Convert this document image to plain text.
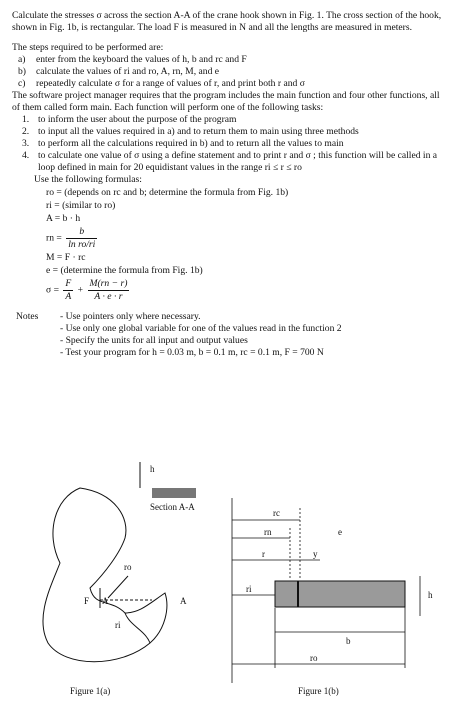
Calculate the stresses σ across the section A-A of the crane hook shown in Fig. 1. The cross section of the hook, shown in Fig. 1b, is rectangular. The load F is measured in N and all the lengths are measured in meters.

The steps required to be performed are:

a)	enter from the keyboard the values of h, b and rc and F
b)	calculate the values of ri and ro, A, rn, M, and e
c)	repeatedly calculate σ for a range of values of r, and print both r and σ

The software project manager requires that the program includes the main function and four other functions, all of them called form main. Each function will perform one of the following tasks:

1. to inform the user about the purpose of the program
2. to input all the values required in a) and to return them to main using three methods
3. to perform all the calculations required in b) and to return all the values to main
4. to calculate one value of σ using a define statement and to print r and σ ; this function will be called in a loop defined in main for 20 equidistant values in the range ri ≤ r ≤ ro

Use the following formulas:

ro = (depends on rc and b; determine the formula from Fig. 1b)
ri = (similar to ro)
A = b · h
rn = $\frac{b}{\text{ln ro/ri}}$
M = F · rc
e = (determine the formula from Fig. 1b)
$\sigma = \frac{F}{A} + \frac{M(rn - r)}{A \cdot e \cdot r}$
Notes	- Use pointers only where necessary.
- Use only one global variable for one of the values read in the function 2
- Specify the units for all input and output values
- Test your program for h = 0.03 m, b = 0.1 m, rc = 0.1 m, F = 700 N
h
Section A-A
ro
ri
F A	A
Figure 1(a)
rc
rn	e
r	y
ri
h
b
ro
Figure 1(b)
